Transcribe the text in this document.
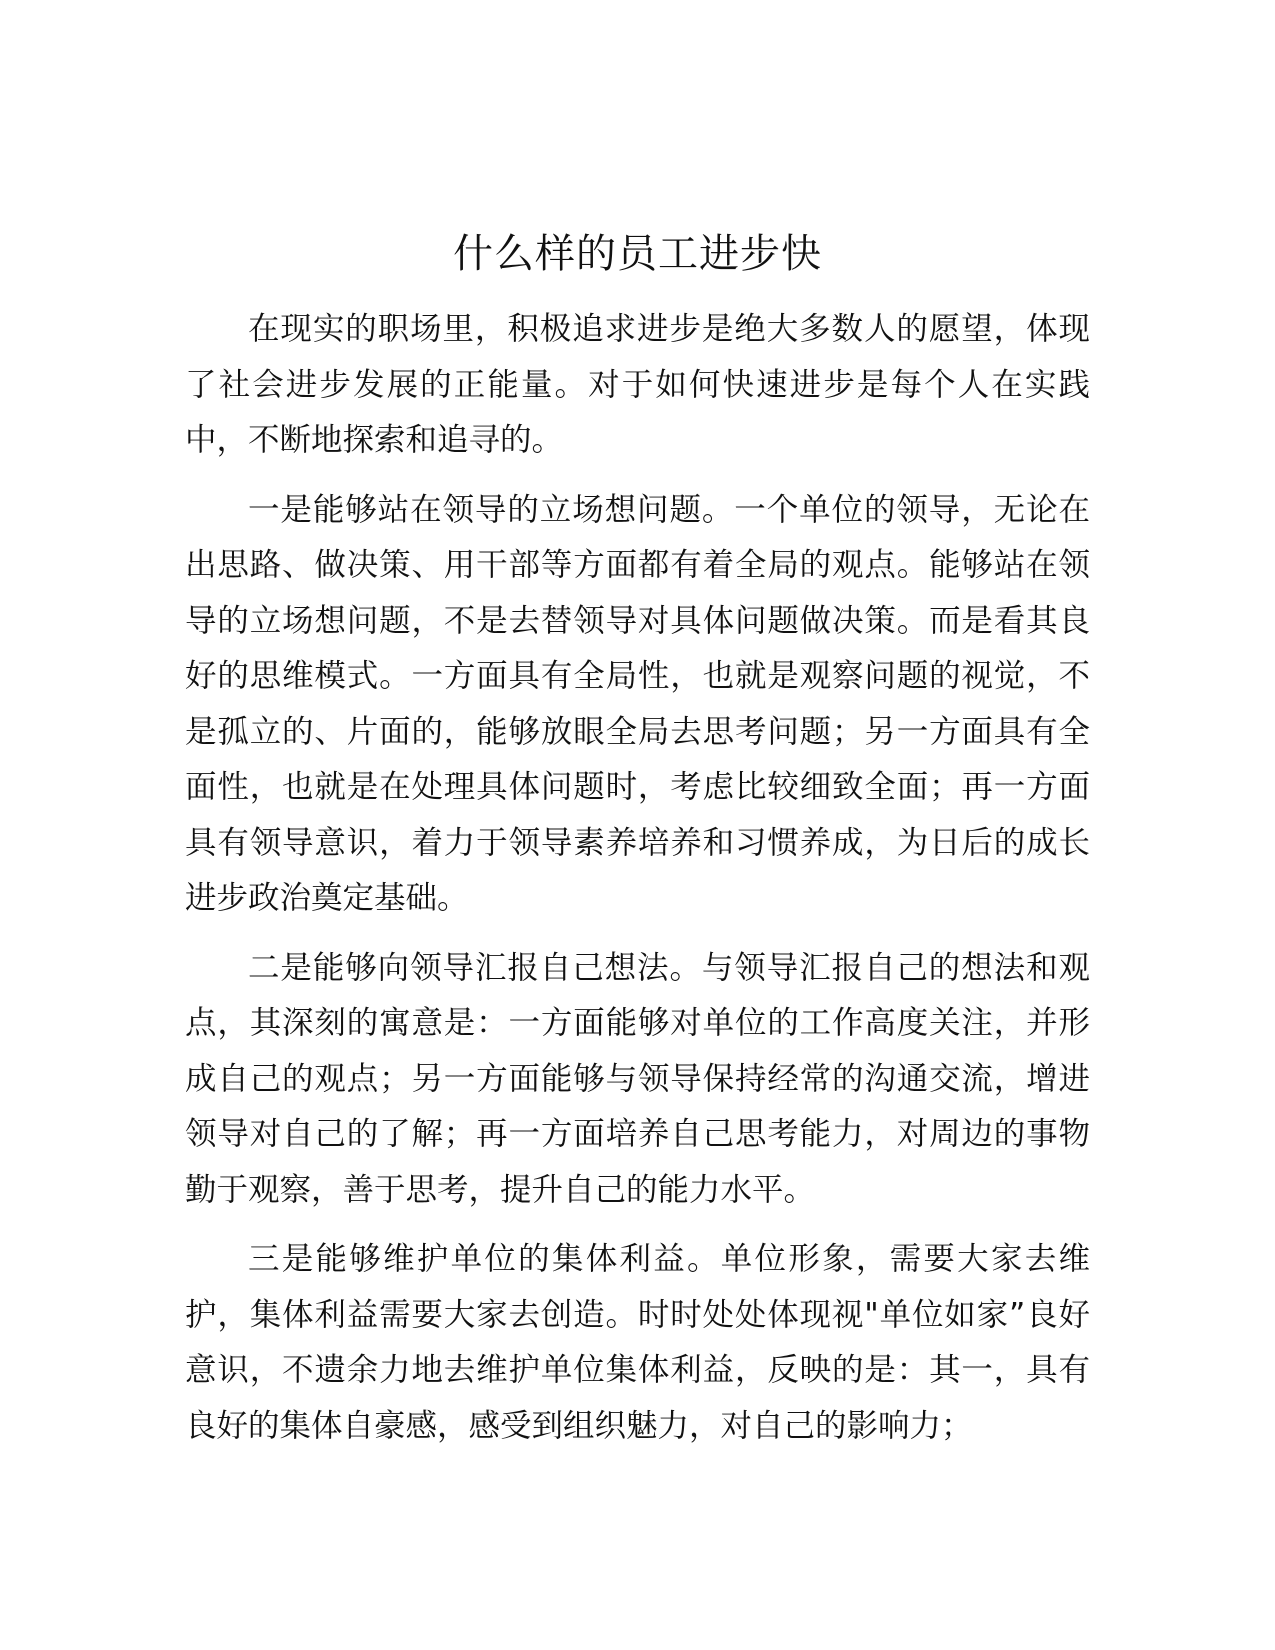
什么样的员工进步快

在现实的职场里，积极追求进步是绝大多数人的愿望，体现了社会进步发展的正能量。对于如何快速进步是每个人在实践中，不断地探索和追寻的。

一是能够站在领导的立场想问题。一个单位的领导，无论在出思路、做决策、用干部等方面都有着全局的观点。能够站在领导的立场想问题，不是去替领导对具体问题做决策。而是看其良好的思维模式。一方面具有全局性，也就是观察问题的视觉，不是孤立的、片面的，能够放眼全局去思考问题；另一方面具有全面性，也就是在处理具体问题时，考虑比较细致全面；再一方面具有领导意识，着力于领导素养培养和习惯养成，为日后的成长进步政治奠定基础。

二是能够向领导汇报自己想法。与领导汇报自己的想法和观点，其深刻的寓意是：一方面能够对单位的工作高度关注，并形成自己的观点；另一方面能够与领导保持经常的沟通交流，增进领导对自己的了解；再一方面培养自己思考能力，对周边的事物勤于观察，善于思考，提升自己的能力水平。

三是能够维护单位的集体利益。单位形象，需要大家去维护，集体利益需要大家去创造。时时处处体现视"单位如家”良好意识，不遗余力地去维护单位集体利益，反映的是：其一，具有良好的集体自豪感，感受到组织魅力，对自己的影响力；
